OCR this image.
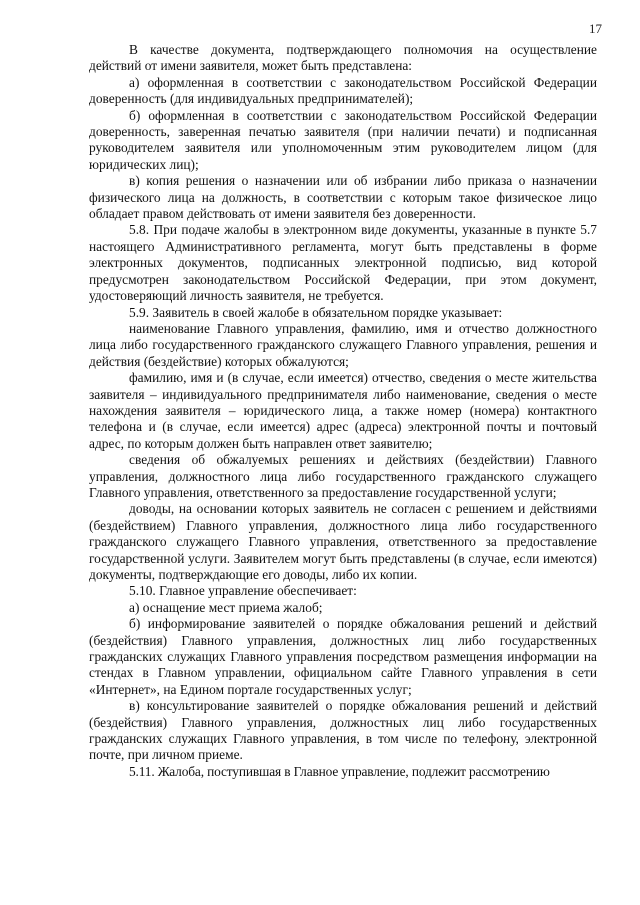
17

В качестве документа, подтверждающего полномочия на осуществление действий от имени заявителя, может быть представлена:

а) оформленная в соответствии с законодательством Российской Федерации доверенность (для индивидуальных предпринимателей);

б) оформленная в соответствии с законодательством Российской Федерации доверенность, заверенная печатью заявителя (при наличии печати) и подписанная руководителем заявителя или уполномоченным этим руководителем лицом (для юридических лиц);

в) копия решения о назначении или об избрании либо приказа о назначении физического лица на должность, в соответствии с которым такое физическое лицо обладает правом действовать от имени заявителя без доверенности.

5.8. При подаче жалобы в электронном виде документы, указанные в пункте 5.7 настоящего Административного регламента, могут быть представлены в форме электронных документов, подписанных электронной подписью, вид которой предусмотрен законодательством Российской Федерации, при этом документ, удостоверяющий личность заявителя, не требуется.

5.9. Заявитель в своей жалобе в обязательном порядке указывает:

наименование Главного управления, фамилию, имя и отчество должностного лица либо государственного гражданского служащего Главного управления, решения и действия (бездействие) которых обжалуются;

фамилию, имя и (в случае, если имеется) отчество, сведения о месте жительства заявителя – индивидуального предпринимателя либо наименование, сведения о месте нахождения заявителя – юридического лица, а также номер (номера) контактного телефона и (в случае, если имеется) адрес (адреса) электронной почты и почтовый адрес, по которым должен быть направлен ответ заявителю;

сведения об обжалуемых решениях и действиях (бездействии) Главного управления, должностного лица либо государственного гражданского служащего Главного управления, ответственного за предоставление государственной услуги;

доводы, на основании которых заявитель не согласен с решением и действиями (бездействием) Главного управления, должностного лица либо государственного гражданского служащего Главного управления, ответственного за предоставление государственной услуги. Заявителем могут быть представлены (в случае, если имеются) документы, подтверждающие его доводы, либо их копии.

5.10. Главное управление обеспечивает:

а) оснащение мест приема жалоб;

б) информирование заявителей о порядке обжалования решений и действий (бездействия) Главного управления, должностных лиц либо государственных гражданских служащих Главного управления посредством размещения информации на стендах в Главном управлении, официальном сайте Главного управления в сети «Интернет», на Едином портале государственных услуг;

в) консультирование заявителей о порядке обжалования решений и действий (бездействия) Главного управления, должностных лиц либо государственных гражданских служащих Главного управления, в том числе по телефону, электронной почте, при личном приеме.

5.11. Жалоба, поступившая в Главное управление, подлежит рассмотрению
